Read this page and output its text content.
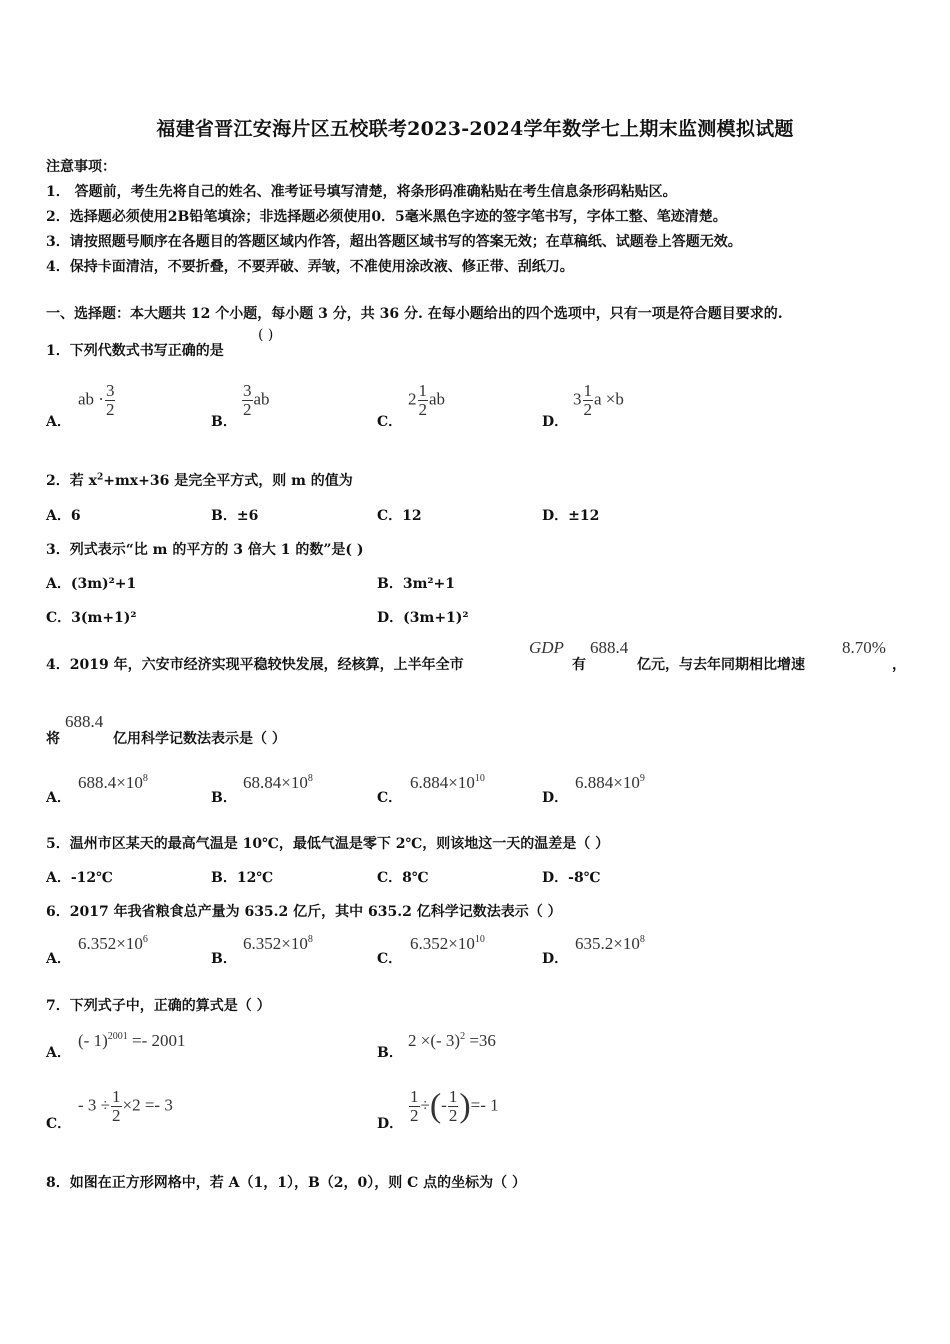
福建省晋江安海片区五校联考2023-2024学年数学七上期末监测模拟试题
注意事项：
1． 答题前，考生先将自己的姓名、准考证号填写清楚，将条形码准确粘贴在考生信息条形码粘贴区。
2．选择题必须使用2B铅笔填涂；非选择题必须使用0．5毫米黑色字迹的签字笔书写，字体工整、笔迹清楚。
3．请按照题号顺序在各题目的答题区域内作答，超出答题区域书写的答案无效；在草稿纸、试题卷上答题无效。
4．保持卡面清洁，不要折叠，不要弄破、弄皱，不准使用涂改液、修正带、刮纸刀。
一、选择题：本大题共 12 个小题，每小题 3 分，共 36 分. 在每小题给出的四个选项中，只有一项是符合题目要求的.
1．下列代数式书写正确的是
( )
A．
ab · $\frac{3}{2}$
B．
$\frac{3}{2}$ ab
C．
$2 \frac{1}{2}$ ab
D．
$3 \frac{1}{2}$ a ×b
2．若 $x^2+mx+36$ 是完全平方式，则 m 的值为
A．6	B．±6	C．12	D．±12
3．列式表示“比 m 的平方的 3 倍大 1 的数”是( )
A．(3m)²+1	B．3m²+1
C．3(m+1)²	D．(3m+1)²
4．2019 年，六安市经济实现平稳较快发展，经核算，上半年全市
GDP
有
688.4
亿元，与去年同期相比增速
8.70%
，
将
688.4
亿用科学记数法表示是（ ）
A．
$688.4\times 10^8$
B．
$68.84\times 10^8$
C．
$6.884\times 10^{10}$
D．
$6.884\times 10^9$
5．温州市区某天的最高气温是 10℃，最低气温是零下 2℃，则该地这一天的温差是（ ）
A．-12℃	B．12℃	C．8℃	D．-8℃
6．2017 年我省粮食总产量为 635.2 亿斤，其中 635.2 亿科学记数法表示（ ）
A．
$6.352\times 10^6$
B．
$6.352\times 10^8$
C．
$6.352\times 10^{10}$
D．
$635.2\times 10^8$
7．下列式子中，正确的算式是（ ）
A．
(- 1)$^{2001}$ =- 2001
B．
2 ×(- 3)$^2$ =36
C．
- $3 \div \frac{1}{2} \times 2 =- 3$
D． $\frac{1}{2}$ ÷(- $\frac{1}{2}$ )=- 1
8．如图在正方形网格中，若 A（1，1），B（2，0），则 C 点的坐标为（ ）
